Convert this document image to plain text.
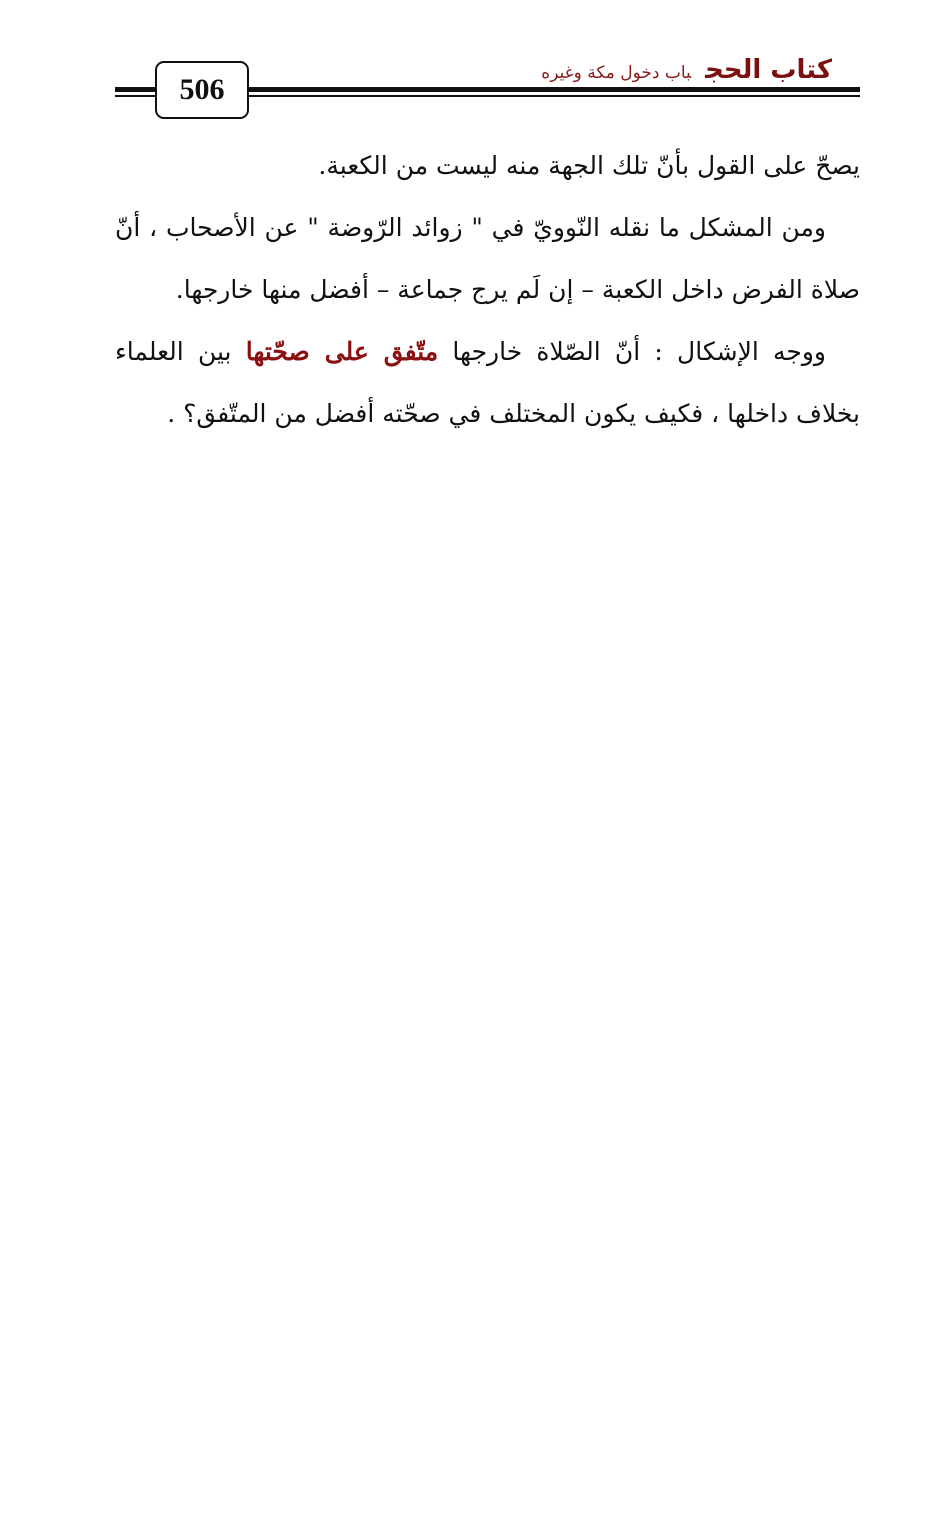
كتاب الحجباب دخول مكة وغيره
506

يصحّ على القول بأنّ تلك الجهة منه ليست من الكعبة.

ومن المشكل ما نقله النّوويّ في " زوائد الرّوضة " عن الأصحاب ، أنّ صلاة الفرض داخل الكعبة – إن لَم يرج جماعة – أفضل منها خارجها.

ووجه الإشكال : أنّ الصّلاة خارجها متّفق على صحّتها بين العلماء بخلاف داخلها ، فكيف يكون المختلف في صحّته أفضل من المتّفق؟ .
